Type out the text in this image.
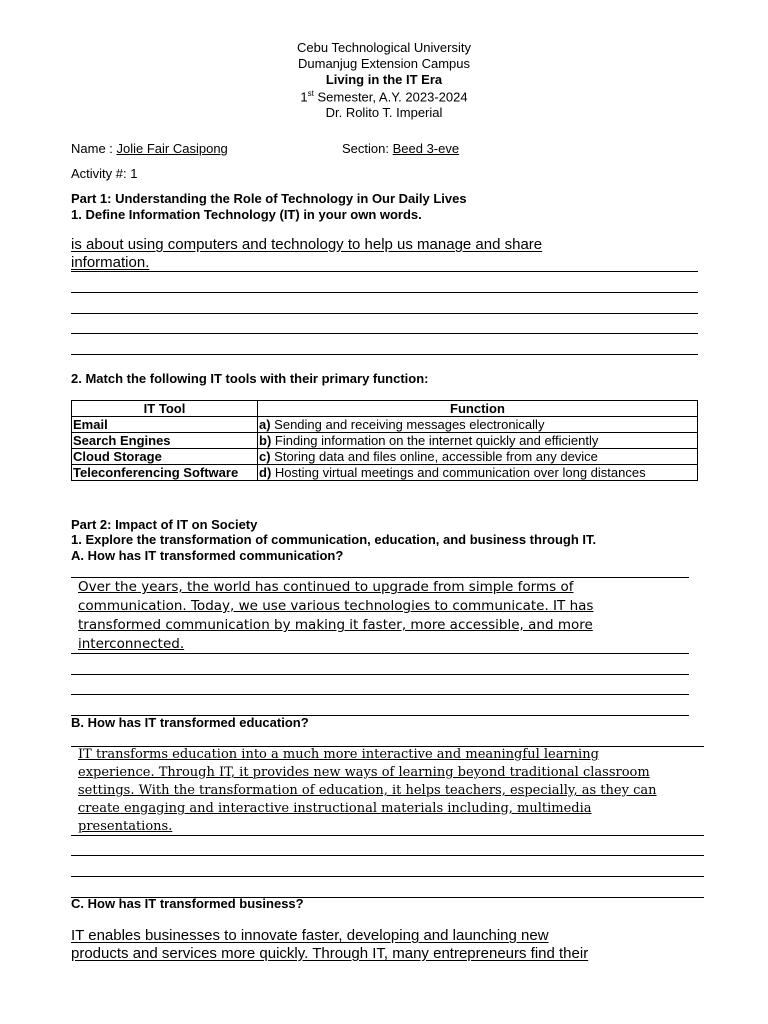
Cebu Technological University
Dumanjug Extension Campus
Living in the IT Era
1st Semester, A.Y. 2023-2024
Dr. Rolito T. Imperial
Name : Jolie Fair Casipong	Section: Beed 3-eve
Activity #: 1
Part 1: Understanding the Role of Technology in Our Daily Lives
1. Define Information Technology (IT) in your own words.
is about using computers and technology to help us manage and share
information.
2. Match the following IT tools with their primary function:
IT Tool	Function
Email	a) Sending and receiving messages electronically
Search Engines	b) Finding information on the internet quickly and efficiently
Cloud Storage	c) Storing data and files online, accessible from any device
Teleconferencing Software	d) Hosting virtual meetings and communication over long distances
Part 2: Impact of IT on Society
1. Explore the transformation of communication, education, and business through IT.
A. How has IT transformed communication?
Over the years, the world has continued to upgrade from simple forms of
communication. Today, we use various technologies to communicate. IT has
transformed communication by making it faster, more accessible, and more
interconnected.
B. How has IT transformed education?
IT transforms education into a much more interactive and meaningful learning
experience. Through IT, it provides new ways of learning beyond traditional classroom
settings. With the transformation of education, it helps teachers, especially, as they can
create engaging and interactive instructional materials including, multimedia
presentations.
C. How has IT transformed business?
IT enables businesses to innovate faster, developing and launching new
products and services more quickly. Through IT, many entrepreneurs find their
